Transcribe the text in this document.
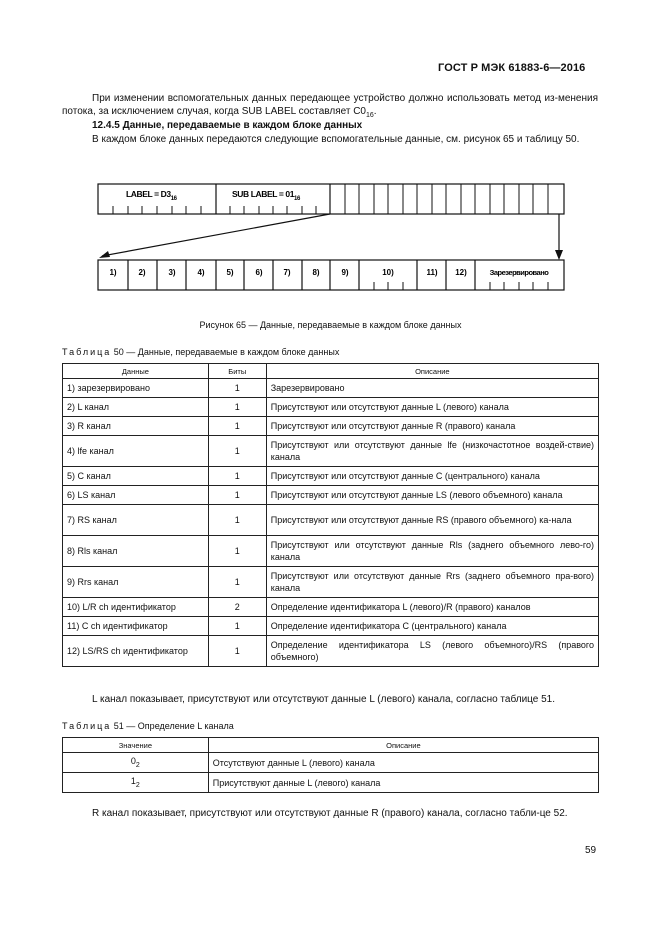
ГОСТ Р МЭК 61883-6—2016
При изменении вспомогательных данных передающее устройство должно использовать метод из-менения потока, за исключением случая, когда SUB LABEL составляет $C0_{16}$.
12.4.5 Данные, передаваемые в каждом блоке данных
В каждом блоке данных передаются следующие вспомогательные данные, см. рисунок 65 и таблицу 50.
LABEL = $D3_{16}$	SUB LABEL = $01_{16}$
1)	2)	3)	4)	5)	6)	7)	8)	9)	10)	11) 12)	Зарезервировано
Рисунок 65 — Данные, передаваемые в каждом блоке данных
Таблица 50 — Данные, передаваемые в каждом блоке данных
Данные	Биты	Описание
1) зарезервировано	1	Зарезервировано
2) L канал	1	Присутствуют или отсутствуют данные L (левого) канала
3) R канал	1	Присутствуют или отсутствуют данные R (правого) канала
4) lfe канал	1	Присутствуют или отсутствуют данные lfe (низкочастотное воздей-ствие) канала
5) C канал	1	Присутствуют или отсутствуют данные C (центрального) канала
6) LS канал	1	Присутствуют или отсутствуют данные LS (левого объемного) канала
7) RS канал	1	Присутствуют или отсутствуют данные RS (правого объемного) ка-нала
8) Rls канал	1	Присутствуют или отсутствуют данные Rls (заднего объемного лево-го) канала
9) Rrs канал	1	Присутствуют или отсутствуют данные Rrs (заднего объемного пра-вого) канала
10) L/R ch идентификатор	2	Определение идентификатора L (левого)/R (правого) каналов
11) C ch идентификатор	1	Определение идентификатора C (центрального) канала
12) LS/RS ch идентификатор	1	Определение идентификатора LS (левого объемного)/RS (правого объемного)
L канал показывает, присутствуют или отсутствуют данные L (левого) канала, согласно таблице 51.
Таблица 51 — Определение L канала
Значение	Описание
$0_2$	Отсутствуют данные L (левого) канала
$1_2$	Присутствуют данные L (левого) канала
R канал показывает, присутствуют или отсутствуют данные R (правого) канала, согласно табли-це 52.
59
